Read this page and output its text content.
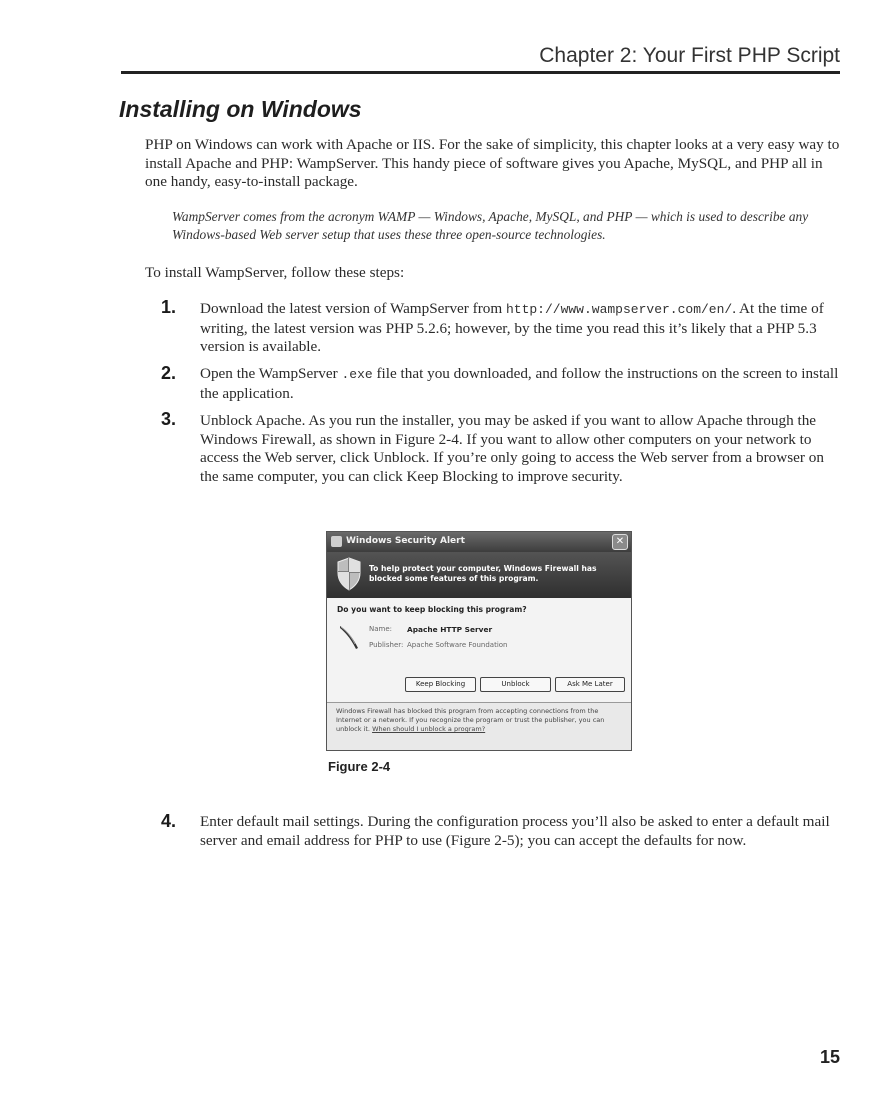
Chapter 2: Your First PHP Script
Installing on Windows
PHP on Windows can work with Apache or IIS. For the sake of simplicity, this chapter looks at a very easy way to install Apache and PHP: WampServer. This handy piece of software gives you Apache, MySQL, and PHP all in one handy, easy-to-install package.
WampServer comes from the acronym WAMP — Windows, Apache, MySQL, and PHP — which is used to describe any Windows-based Web server setup that uses these three open-source technologies.
To install WampServer, follow these steps:
1. Download the latest version of WampServer from http://www.wampserver.com/en/. At the time of writing, the latest version was PHP 5.2.6; however, by the time you read this it’s likely that a PHP 5.3 version is available.
2. Open the WampServer .exe file that you downloaded, and follow the instructions on the screen to install the application.
3. Unblock Apache. As you run the installer, you may be asked if you want to allow Apache through the Windows Firewall, as shown in Figure 2-4. If you want to allow other computers on your network to access the Web server, click Unblock. If you’re only going to access the Web server from a browser on the same computer, you can click Keep Blocking to improve security.
Windows Security Alert	✕
To help protect your computer, Windows Firewall has blocked some features of this program.
Do you want to keep blocking this program?
Name: Apache HTTP Server
Publisher: Apache Software Foundation
Keep Blocking	Unblock	Ask Me Later
Windows Firewall has blocked this program from accepting connections from the Internet or a network. If you recognize the program or trust the publisher, you can unblock it. When should I unblock a program?
Figure 2-4
4. Enter default mail settings. During the configuration process you’ll also be asked to enter a default mail server and email address for PHP to use (Figure 2-5); you can accept the defaults for now.
15
